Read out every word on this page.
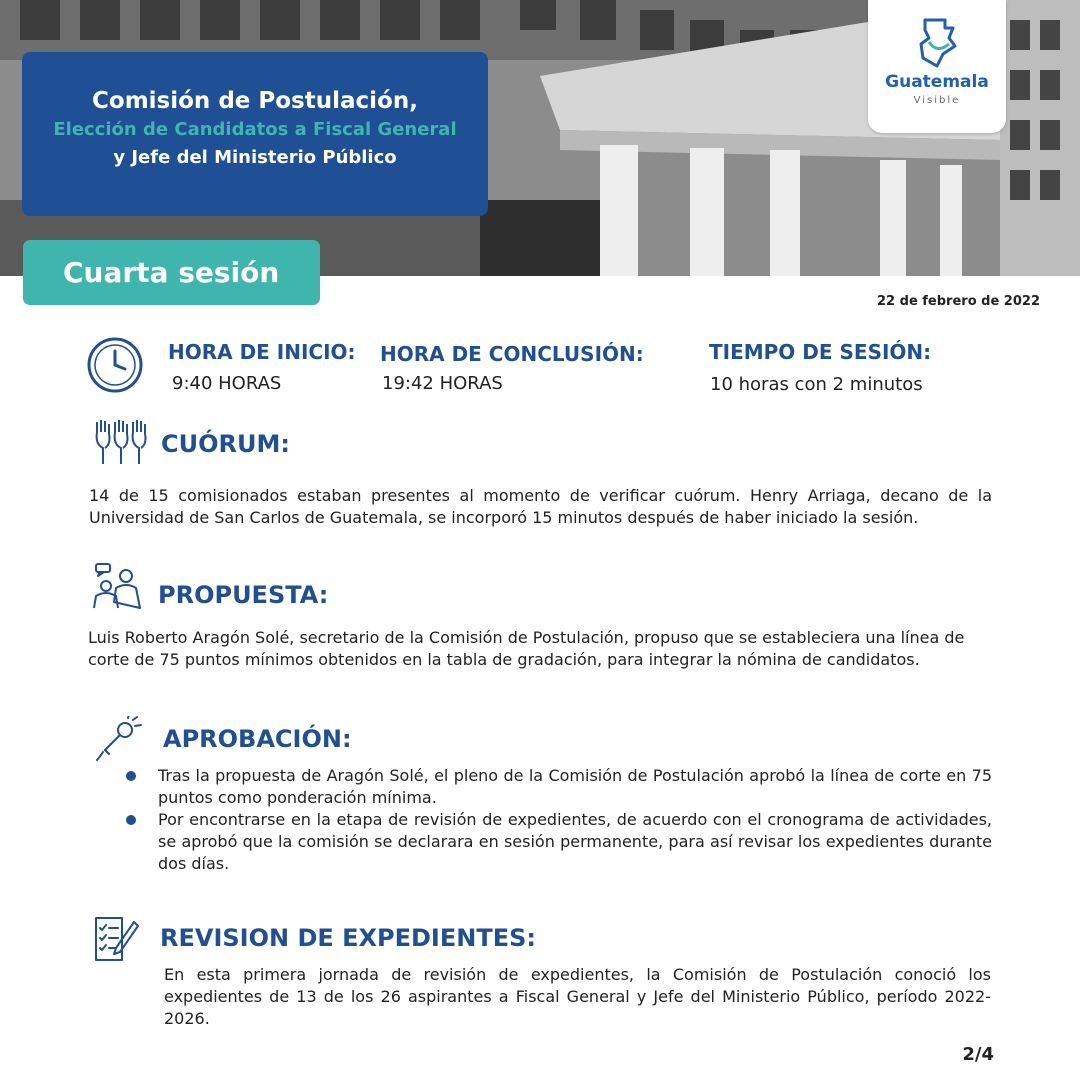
Comisión de Postulación,
Elección de Candidatos a Fiscal General
y Jefe del Ministerio Público
Guatemala
Visible
Cuarta sesión
22 de febrero de 2022
HORA DE INICIO:
9:40 HORAS
HORA DE CONCLUSIÓN:
19:42 HORAS
TIEMPO DE SESIÓN:
10 horas con 2 minutos
CUÓRUM:
14 de 15 comisionados estaban presentes al momento de verificar cuórum. Henry Arriaga, decano de la Universidad de San Carlos de Guatemala, se incorporó 15 minutos después de haber iniciado la sesión.
PROPUESTA:
Luis Roberto Aragón Solé, secretario de la Comisión de Postulación, propuso que se estableciera una línea de corte de 75 puntos mínimos obtenidos en la tabla de gradación, para integrar la nómina de candidatos.
APROBACIÓN:
Tras la propuesta de Aragón Solé, el pleno de la Comisión de Postulación aprobó la línea de corte en 75 puntos como ponderación mínima.
Por encontrarse en la etapa de revisión de expedientes, de acuerdo con el cronograma de actividades, se aprobó que la comisión se declarara en sesión permanente, para así revisar los expedientes durante dos días.
REVISION DE EXPEDIENTES:
En esta primera jornada de revisión de expedientes, la Comisión de Postulación conoció los expedientes de 13 de los 26 aspirantes a Fiscal General y Jefe del Ministerio Público, período 2022-2026.
2/4
